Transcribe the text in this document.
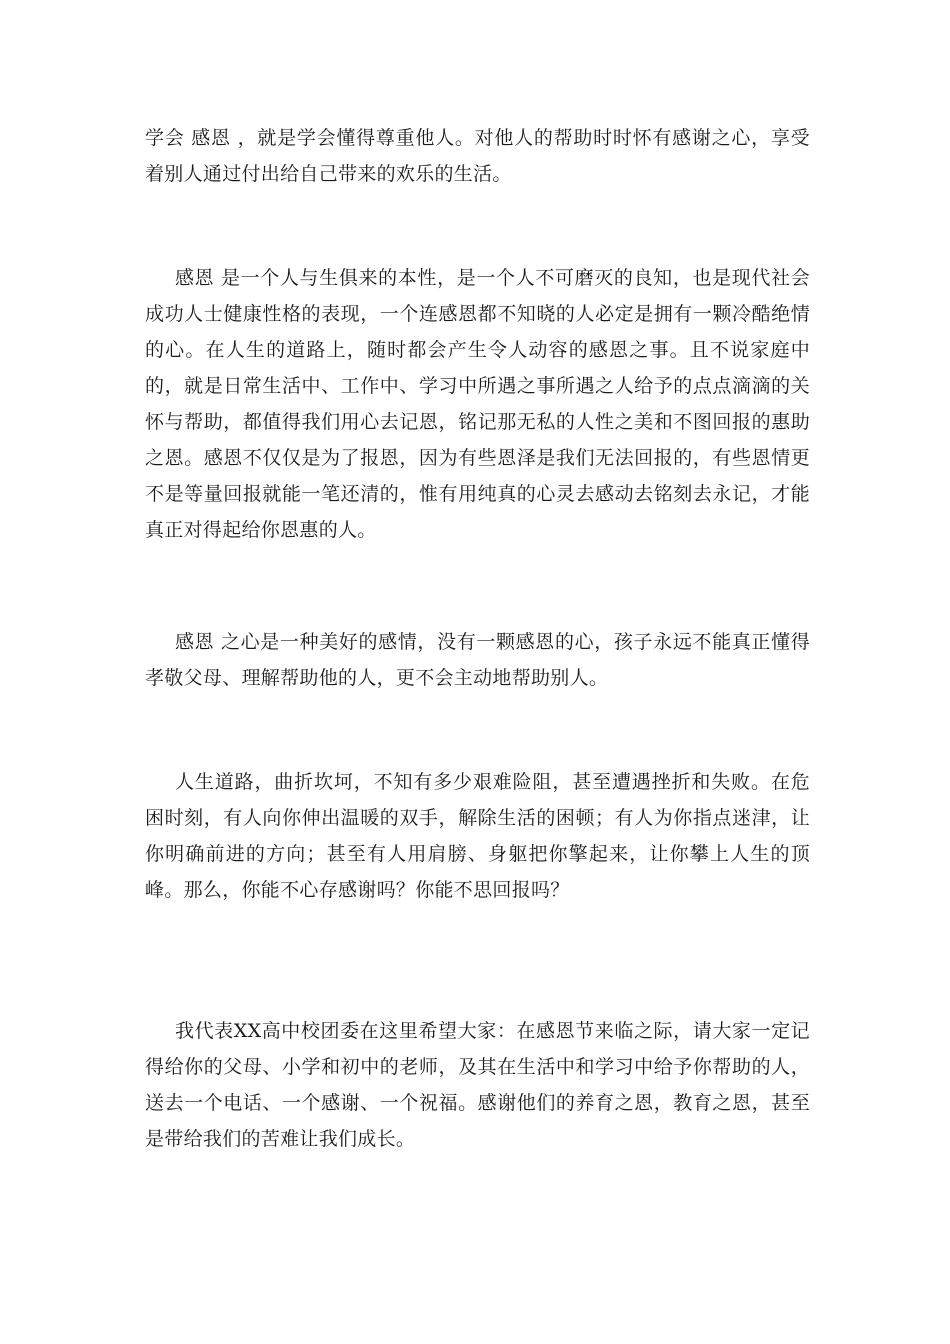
学会 感恩 ，就是学会懂得尊重他人。对他人的帮助时时怀有感谢之心，享受着别人通过付出给自己带来的欢乐的生活。

感恩 是一个人与生俱来的本性，是一个人不可磨灭的良知，也是现代社会成功人士健康性格的表现，一个连感恩都不知晓的人必定是拥有一颗冷酷绝情的心。在人生的道路上，随时都会产生令人动容的感恩之事。且不说家庭中的，就是日常生活中、工作中、学习中所遇之事所遇之人给予的点点滴滴的关怀与帮助，都值得我们用心去记恩，铭记那无私的人性之美和不图回报的惠助之恩。感恩不仅仅是为了报恩，因为有些恩泽是我们无法回报的，有些恩情更不是等量回报就能一笔还清的，惟有用纯真的心灵去感动去铭刻去永记，才能真正对得起给你恩惠的人。

感恩 之心是一种美好的感情，没有一颗感恩的心，孩子永远不能真正懂得孝敬父母、理解帮助他的人，更不会主动地帮助别人。

人生道路，曲折坎坷，不知有多少艰难险阻，甚至遭遇挫折和失败。在危困时刻，有人向你伸出温暖的双手，解除生活的困顿；有人为你指点迷津，让你明确前进的方向；甚至有人用肩膀、身躯把你擎起来，让你攀上人生的顶峰。那么，你能不心存感谢吗？你能不思回报吗？

我代表XX高中校团委在这里希望大家：在感恩节来临之际，请大家一定记得给你的父母、小学和初中的老师，及其在生活中和学习中给予你帮助的人，送去一个电话、一个感谢、一个祝福。感谢他们的养育之恩，教育之恩，甚至是带给我们的苦难让我们成长。
